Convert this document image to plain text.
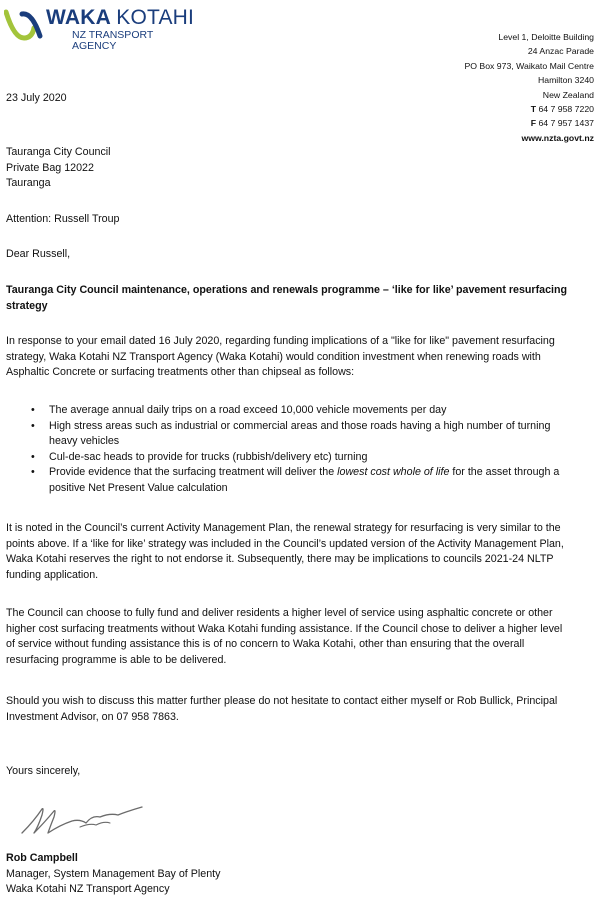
WAKA KOTAHI
NZ TRANSPORT
AGENCY
Level 1, Deloitte Building
24 Anzac Parade
PO Box 973, Waikato Mail Centre
Hamilton 3240
New Zealand
T 64 7 958 7220
F 64 7 957 1437
www.nzta.govt.nz
23 July 2020
Tauranga City Council
Private Bag 12022
Tauranga
Attention: Russell Troup
Dear Russell,
Tauranga City Council maintenance, operations and renewals programme – ‘like for like’ pavement resurfacing
strategy
In response to your email dated 16 July 2020, regarding funding implications of a "like for like" pavement resurfacing
strategy, Waka Kotahi NZ Transport Agency (Waka Kotahi) would condition investment when renewing roads with
Asphaltic Concrete or surfacing treatments other than chipseal as follows:
• The average annual daily trips on a road exceed 10,000 vehicle movements per day
• High stress areas such as industrial or commercial areas and those roads having a high number of turning
heavy vehicles
• Cul-de-sac heads to provide for trucks (rubbish/delivery etc) turning
• Provide evidence that the surfacing treatment will deliver the lowest cost whole of life for the asset through a
positive Net Present Value calculation
It is noted in the Council’s current Activity Management Plan, the renewal strategy for resurfacing is very similar to the
points above. If a ‘like for like’ strategy was included in the Council’s updated version of the Activity Management Plan,
Waka Kotahi reserves the right to not endorse it. Subsequently, there may be implications to councils 2021-24 NLTP
funding application.
The Council can choose to fully fund and deliver residents a higher level of service using asphaltic concrete or other
higher cost surfacing treatments without Waka Kotahi funding assistance. If the Council chose to deliver a higher level
of service without funding assistance this is of no concern to Waka Kotahi, other than ensuring that the overall
resurfacing programme is able to be delivered.
Should you wish to discuss this matter further please do not hesitate to contact either myself or Rob Bullick, Principal
Investment Advisor, on 07 958 7863.
Yours sincerely,
Rob Campbell
Manager, System Management Bay of Plenty
Waka Kotahi NZ Transport Agency
